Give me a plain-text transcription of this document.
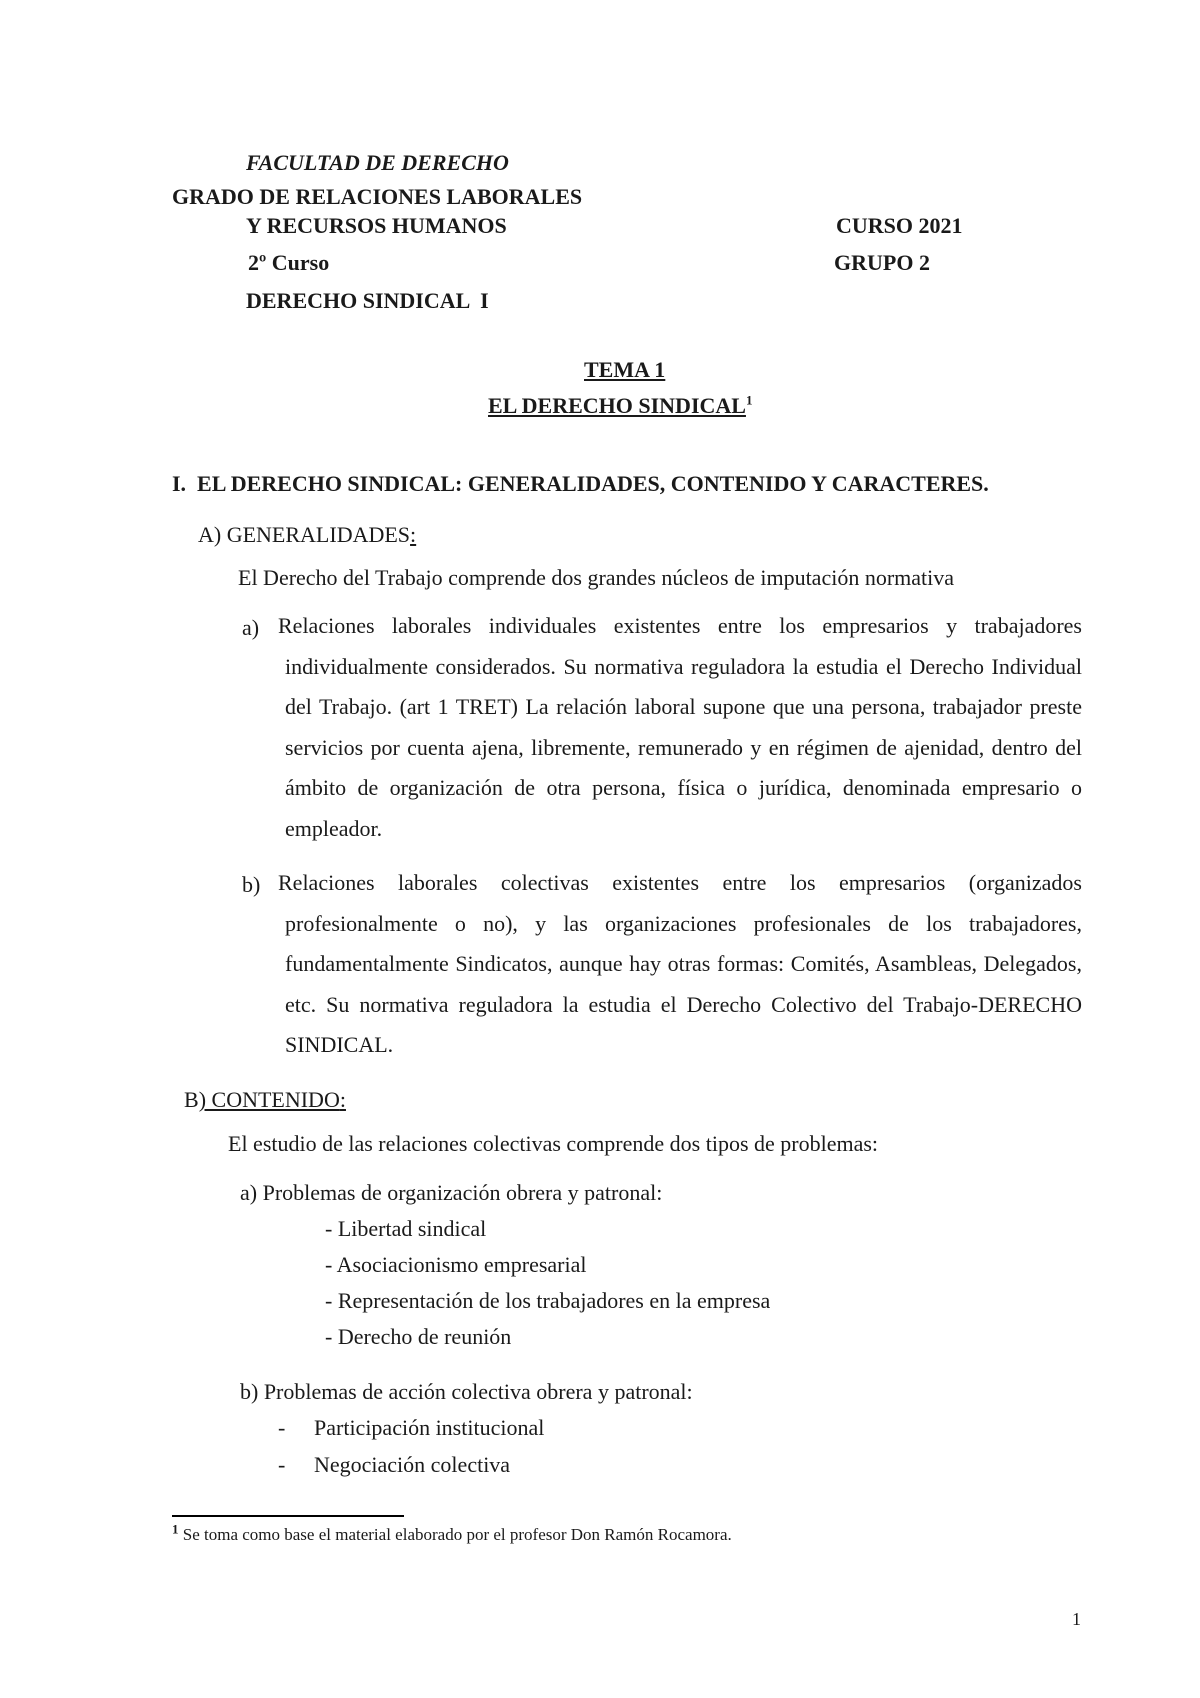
FACULTAD DE DERECHO
GRADO DE RELACIONES LABORALES
Y RECURSOS HUMANOS	CURSO 2021
2º Curso	GRUPO 2
DERECHO SINDICAL  I
TEMA 1
EL DERECHO SINDICAL$^1$
I.  EL DERECHO SINDICAL: GENERALIDADES, CONTENIDO Y CARACTERES.
A) GENERALIDADES:
El Derecho del Trabajo comprende dos grandes núcleos de imputación normativa
a) Relaciones laborales individuales existentes entre los empresarios y trabajadores individualmente considerados. Su normativa reguladora la estudia el Derecho Individual del Trabajo. (art 1 TRET) La relación laboral supone que una persona, trabajador preste servicios por cuenta ajena, libremente, remunerado y en régimen de ajenidad, dentro del ámbito de organización de otra persona, física o jurídica, denominada empresario o empleador.
b) Relaciones laborales colectivas existentes entre los empresarios (organizados profesionalmente o no), y las organizaciones profesionales de los trabajadores, fundamentalmente Sindicatos, aunque hay otras formas: Comités, Asambleas, Delegados, etc. Su normativa reguladora la estudia el Derecho Colectivo del Trabajo-DERECHO SINDICAL.
B) CONTENIDO:
El estudio de las relaciones colectivas comprende dos tipos de problemas:
a) Problemas de organización obrera y patronal:
- Libertad sindical
- Asociacionismo empresarial
- Representación de los trabajadores en la empresa
- Derecho de reunión
b) Problemas de acción colectiva obrera y patronal:
- Participación institucional
- Negociación colectiva
$^1$ Se toma como base el material elaborado por el profesor Don Ramón Rocamora.
1
